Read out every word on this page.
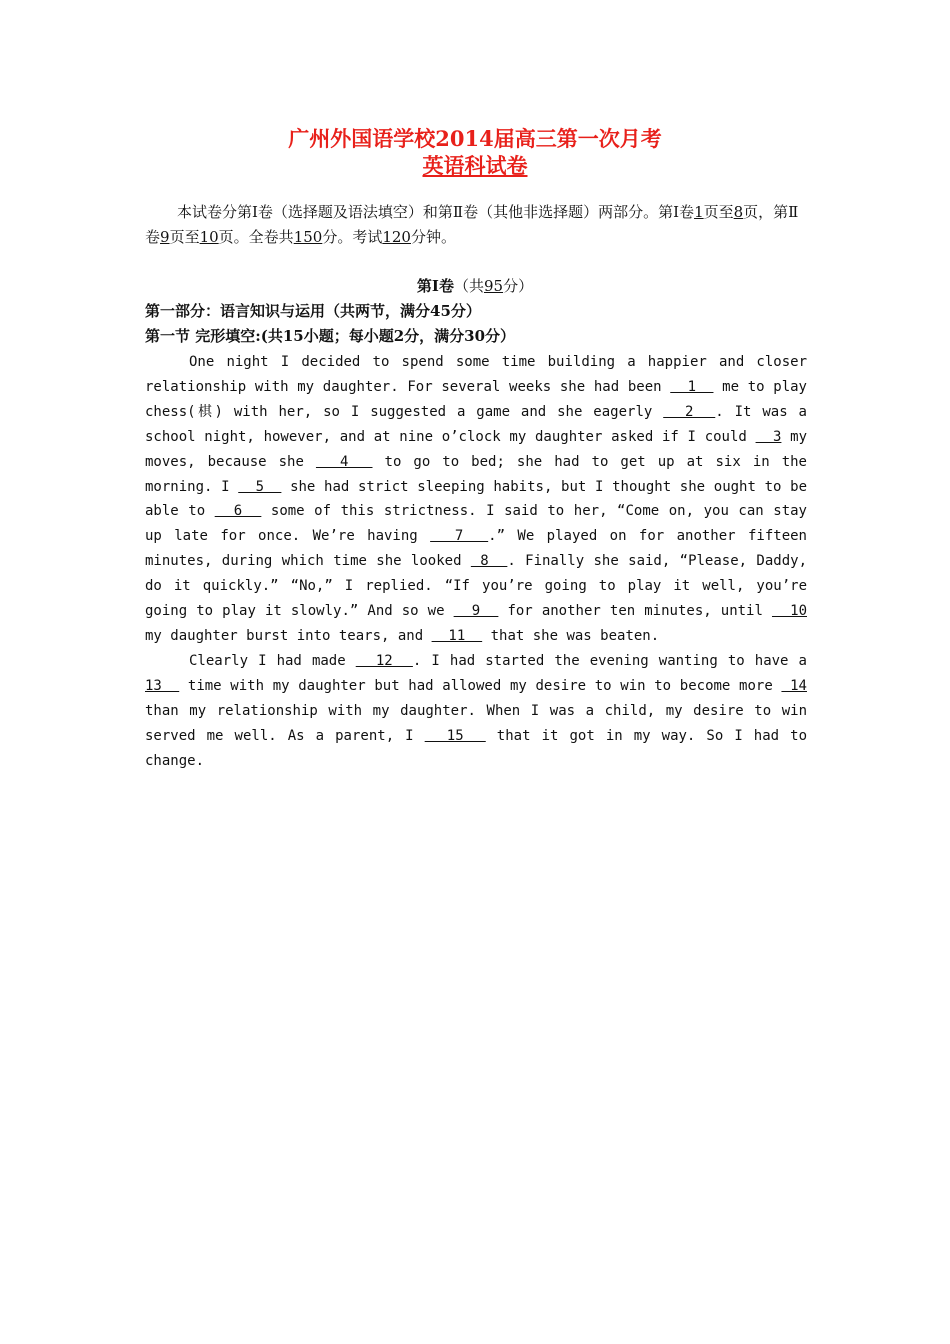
广州外国语学校2014届高三第一次月考
英语科试卷

本试卷分第Ⅰ卷（选择题及语法填空）和第Ⅱ卷（其他非选择题）两部分。第Ⅰ卷1页至8页，第Ⅱ卷9页至10页。全卷共150分。考试120分钟。

第Ⅰ卷（共95分）
第一部分：语言知识与运用（共两节，满分45分）
第一节 完形填空:(共15小题；每小题2分，满分30分）

One night I decided to spend some time building a happier and closer relationship with my daughter. For several weeks she had been   1   me to play chess(棋) with her, so I suggested a game and she eagerly   2  . It was a school night, however, and at nine o’clock my daughter asked if I could   3 my moves, because she   4   to go to bed; she had to get up at six in the morning. I   5   she had strict sleeping habits, but I thought she ought to be able to   6   some of this strictness. I said to her, “Come on, you can stay up late for once. We’re having   7  .” We played on for another fifteen minutes, during which time she looked  8  . Finally she said, “Please, Daddy, do it quickly.” “No,” I replied. “If you’re going to play it well, you’re going to play it slowly.” And so we   9   for another ten minutes, until   10 my daughter burst into tears, and   11   that she was beaten.

Clearly I had made   12  . I had started the evening wanting to have a 13   time with my daughter but had allowed my desire to win to become more  14 than my relationship with my daughter. When I was a child, my desire to win served me well. As a parent, I   15   that it got in my way. So I had to change.
